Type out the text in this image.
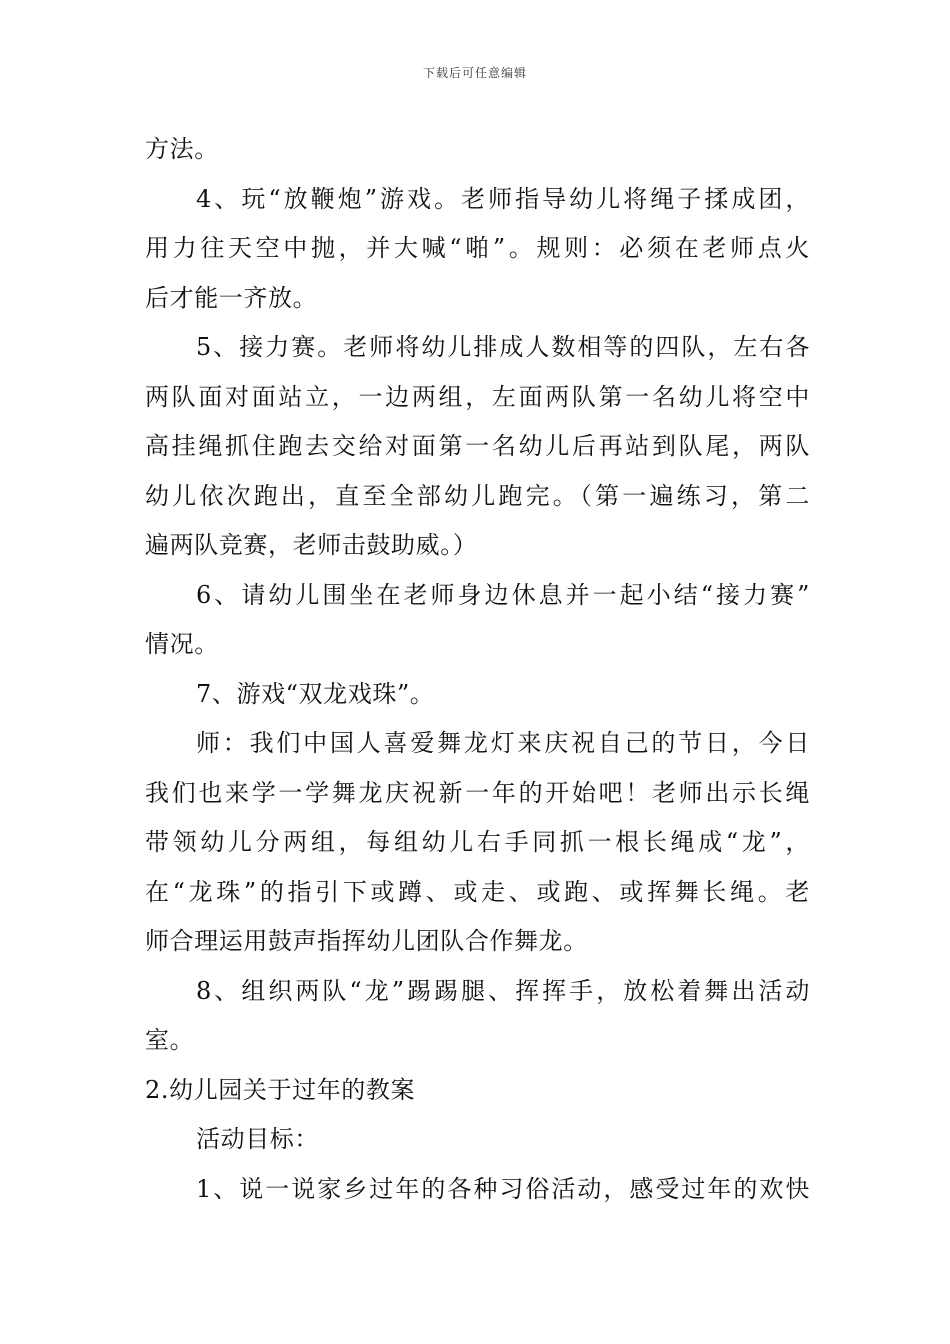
下载后可任意编辑
方法。
4、玩“放鞭炮”游戏。老师指导幼儿将绳子揉成团，
用力往天空中抛，并大喊“啪”。规则：必须在老师点火
后才能一齐放。
5、接力赛。老师将幼儿排成人数相等的四队，左右各
两队面对面站立，一边两组，左面两队第一名幼儿将空中
高挂绳抓住跑去交给对面第一名幼儿后再站到队尾，两队
幼儿依次跑出，直至全部幼儿跑完。（第一遍练习，第二
遍两队竞赛，老师击鼓助威。）
6、请幼儿围坐在老师身边休息并一起小结“接力赛”
情况。
7、游戏“双龙戏珠”。
师：我们中国人喜爱舞龙灯来庆祝自己的节日，今日
我们也来学一学舞龙庆祝新一年的开始吧！老师出示长绳
带领幼儿分两组，每组幼儿右手同抓一根长绳成“龙”，
在“龙珠”的指引下或蹲、或走、或跑、或挥舞长绳。老
师合理运用鼓声指挥幼儿团队合作舞龙。
8、组织两队“龙”踢踢腿、挥挥手，放松着舞出活动
室。
2.幼儿园关于过年的教案
活动目标：
1、说一说家乡过年的各种习俗活动，感受过年的欢快
